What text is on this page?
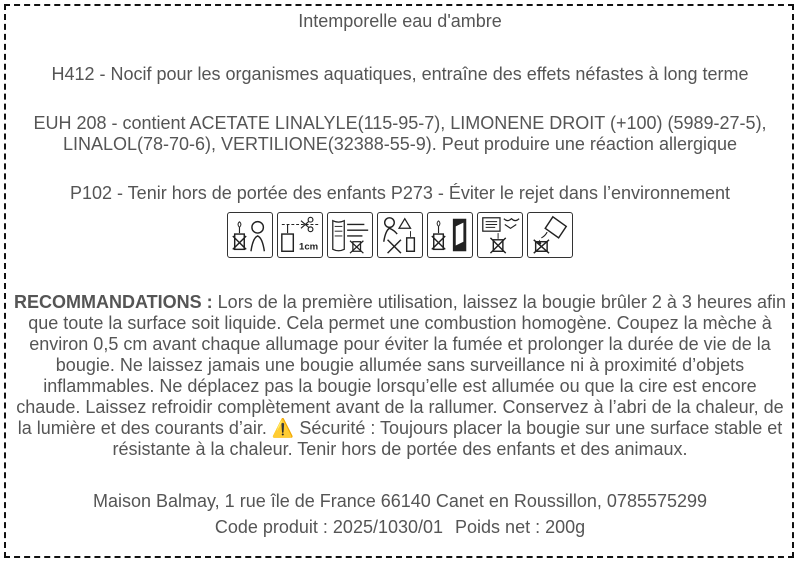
Intemporelle eau d'ambre
H412 - Nocif pour les organismes aquatiques, entraîne des effets néfastes à long terme
EUH 208 - contient ACETATE LINALYLE(115-95-7), LIMONENE DROIT (+100) (5989-27-5), LINALOL(78-70-6), VERTILIONE(32388-55-9). Peut produire une réaction allergique
P102 - Tenir hors de portée des enfants P273 - Éviter le rejet dans l’environnement
1cm
RECOMMANDATIONS : Lors de la première utilisation, laissez la bougie brûler 2 à 3 heures afin que toute la surface soit liquide. Cela permet une combustion homogène. Coupez la mèche à environ 0,5 cm avant chaque allumage pour éviter la fumée et prolonger la durée de vie de la bougie. Ne laissez jamais une bougie allumée sans surveillance ni à proximité d’objets inflammables. Ne déplacez pas la bougie lorsqu’elle est allumée ou que la cire est encore chaude. Laissez refroidir complètement avant de la rallumer. Conservez à l’abri de la chaleur, de la lumière et des courants d’air. ⚠️ Sécurité : Toujours placer la bougie sur une surface stable et résistante à la chaleur. Tenir hors de portée des enfants et des animaux.
Maison Balmay, 1 rue île de France 66140 Canet en Roussillon, 0785575299
Code produit : 2025/1030/01 Poids net : 200g
